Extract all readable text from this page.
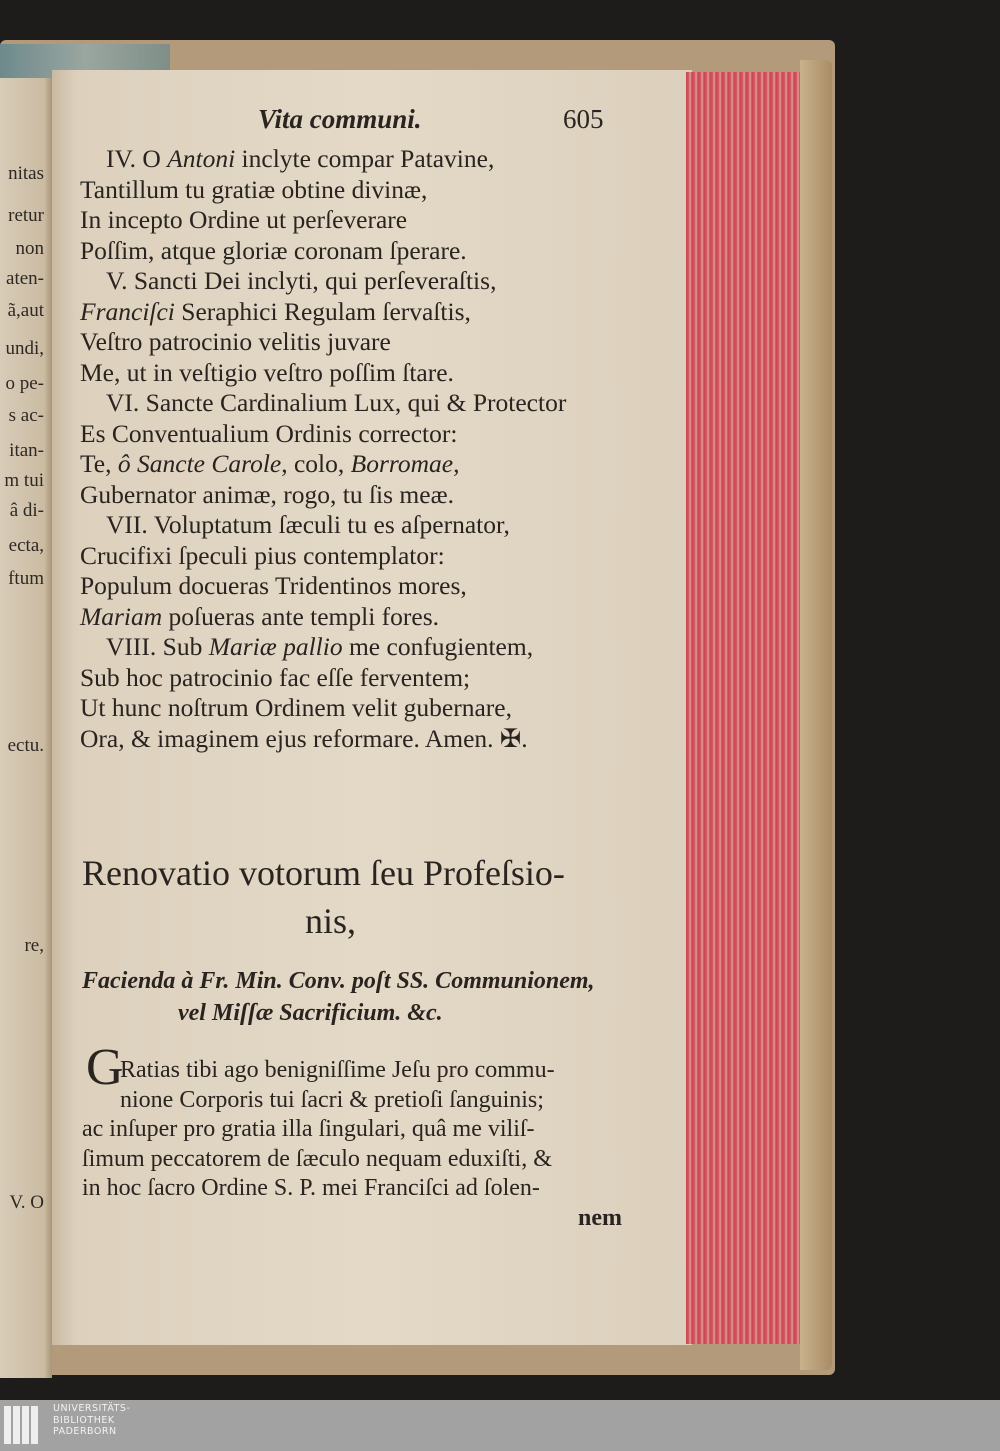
nitas
retur
non
aten-
ã,aut
undi,
o pe-
s ac-
itan-
m tui
â di-
ecta,
ftum
ectu.
re,
V. O
Vita communi.	605
IV. O Antoni inclyte compar Patavine,
Tantillum tu gratiæ obtine divinæ,
In incepto Ordine ut perſeverare
Poſſim, atque gloriæ coronam ſperare.
V. Sancti Dei inclyti, qui perſeveraſtis,
Franciſci Seraphici Regulam ſervaſtis,
Veſtro patrocinio velitis juvare
Me, ut in veſtigio veſtro poſſim ſtare.
VI. Sancte Cardinalium Lux, qui & Protector
Es Conventualium Ordinis corrector:
Te, ô Sancte Carole, colo, Borromae,
Gubernator animæ, rogo, tu ſis meæ.
VII. Voluptatum ſæculi tu es aſpernator,
Crucifixi ſpeculi pius contemplator:
Populum docueras Tridentinos mores,
Mariam poſueras ante templi fores.
VIII. Sub Mariæ pallio me confugientem,
Sub hoc patrocinio fac eſſe ferventem;
Ut hunc noſtrum Ordinem velit gubernare,
Ora, & imaginem ejus reformare. Amen. ✠.
Renovatio votorum ſeu Profeſsio-
nis,
Facienda à Fr. Min. Conv. poſt SS. Communionem,
vel Miſſæ Sacrificium. &c.
G
Ratias tibi ago benigniſſime Jeſu pro commu-
nione Corporis tui ſacri & pretioſi ſanguinis;
ac inſuper pro gratia illa ſingulari, quâ me viliſ-
ſimum peccatorem de ſæculo nequam eduxiſti, &
in hoc ſacro Ordine S. P. mei Franciſci ad ſolen-
nem
UNIVERSITÄTS-
BIBLIOTHEK
PADERBORN
